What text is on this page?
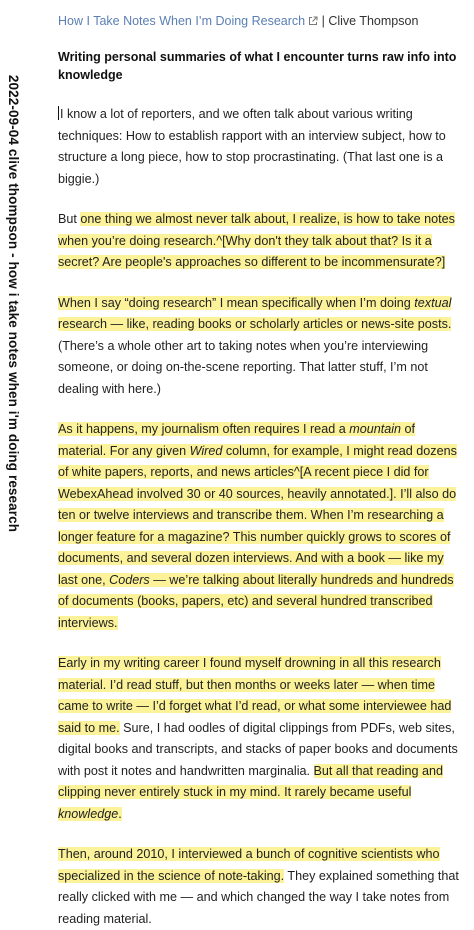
2022-09-04 clive thompson - how i take notes when i'm doing research
How I Take Notes When I’m Doing Research | Clive Thompson
Writing personal summaries of what I encounter turns raw info into knowledge

I know a lot of reporters, and we often talk about various writing techniques: How to establish rapport with an interview subject, how to structure a long piece, how to stop procrastinating. (That last one is a biggie.)

But one thing we almost never talk about, I realize, is how to take notes when you’re doing research.^[Why don't they talk about that? Is it a secret? Are people's approaches so different to be incommensurate?]

When I say “doing research” I mean specifically when I’m doing textual research — like, reading books or scholarly articles or news-site posts. (There’s a whole other art to taking notes when you’re interviewing someone, or doing on-the-scene reporting. That latter stuff, I’m not dealing with here.)

As it happens, my journalism often requires I read a mountain of material. For any given Wired column, for example, I might read dozens of white papers, reports, and news articles^[A recent piece I did for WebexAhead involved 30 or 40 sources, heavily annotated.]. I’ll also do ten or twelve interviews and transcribe them. When I’m researching a longer feature for a magazine? This number quickly grows to scores of documents, and several dozen interviews. And with a book — like my last one, Coders — we’re talking about literally hundreds and hundreds of documents (books, papers, etc) and several hundred transcribed interviews.

Early in my writing career I found myself drowning in all this research material. I’d read stuff, but then months or weeks later — when time came to write — I’d forget what I’d read, or what some interviewee had said to me. Sure, I had oodles of digital clippings from PDFs, web sites, digital books and transcripts, and stacks of paper books and documents with post it notes and handwritten marginalia. But all that reading and clipping never entirely stuck in my mind. It rarely became useful knowledge.

Then, around 2010, I interviewed a bunch of cognitive scientists who specialized in the science of note-taking. They explained something that really clicked with me — and which changed the way I take notes from reading material.
